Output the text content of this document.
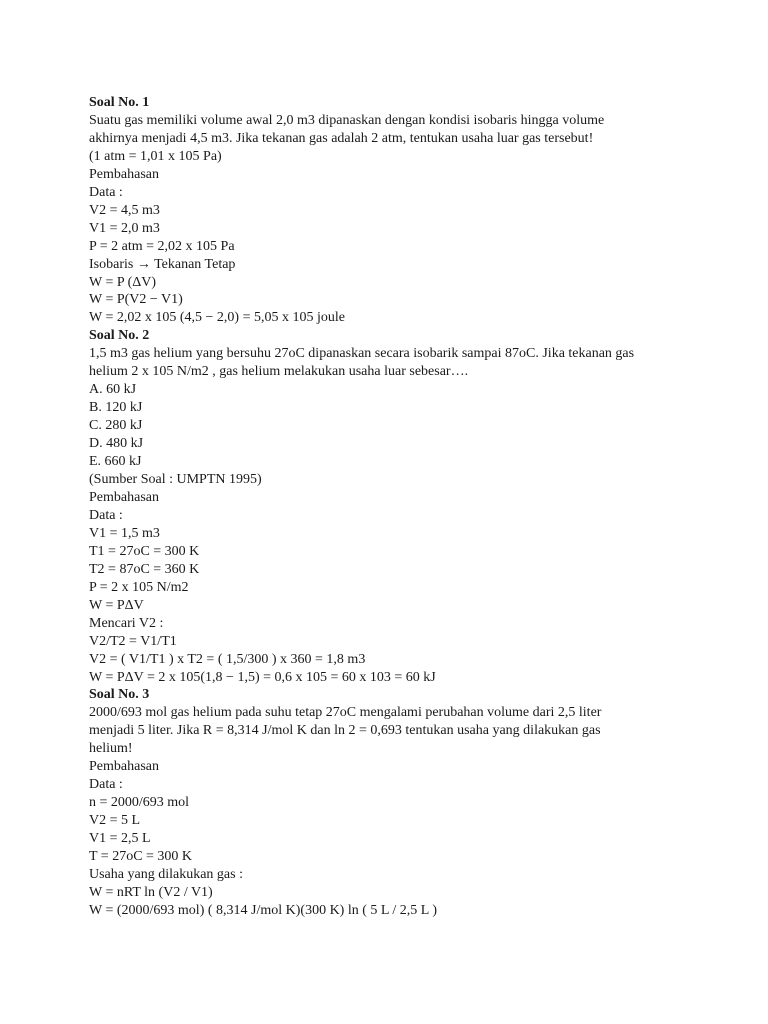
Soal No. 1
Suatu gas memiliki volume awal 2,0 m3 dipanaskan dengan kondisi isobaris hingga volume
akhirnya menjadi 4,5 m3. Jika tekanan gas adalah 2 atm, tentukan usaha luar gas tersebut!
(1 atm = 1,01 x 105 Pa)
Pembahasan
Data :
V2 = 4,5 m3
V1 = 2,0 m3
P = 2 atm = 2,02 x 105 Pa
Isobaris → Tekanan Tetap
W = P (ΔV)
W = P(V2 − V1)
W = 2,02 x 105 (4,5 − 2,0) = 5,05 x 105 joule
Soal No. 2
1,5 m3 gas helium yang bersuhu 27oC dipanaskan secara isobarik sampai 87oC. Jika tekanan gas
helium 2 x 105 N/m2 , gas helium melakukan usaha luar sebesar….
A. 60 kJ
B. 120 kJ
C. 280 kJ
D. 480 kJ
E. 660 kJ
(Sumber Soal : UMPTN 1995)
Pembahasan
Data :
V1 = 1,5 m3
T1 = 27oC = 300 K
T2 = 87oC = 360 K
P = 2 x 105 N/m2
W = PΔV
Mencari V2 :
V2/T2 = V1/T1
V2 = ( V1/T1 ) x T2 = ( 1,5/300 ) x 360 = 1,8 m3
W = PΔV = 2 x 105(1,8 − 1,5) = 0,6 x 105 = 60 x 103 = 60 kJ
Soal No. 3
2000/693 mol gas helium pada suhu tetap 27oC mengalami perubahan volume dari 2,5 liter
menjadi 5 liter. Jika R = 8,314 J/mol K dan ln 2 = 0,693 tentukan usaha yang dilakukan gas
helium!
Pembahasan
Data :
n = 2000/693 mol
V2 = 5 L
V1 = 2,5 L
T = 27oC = 300 K
Usaha yang dilakukan gas :
W = nRT ln (V2 / V1)
W = (2000/693 mol) ( 8,314 J/mol K)(300 K) ln ( 5 L / 2,5 L )
